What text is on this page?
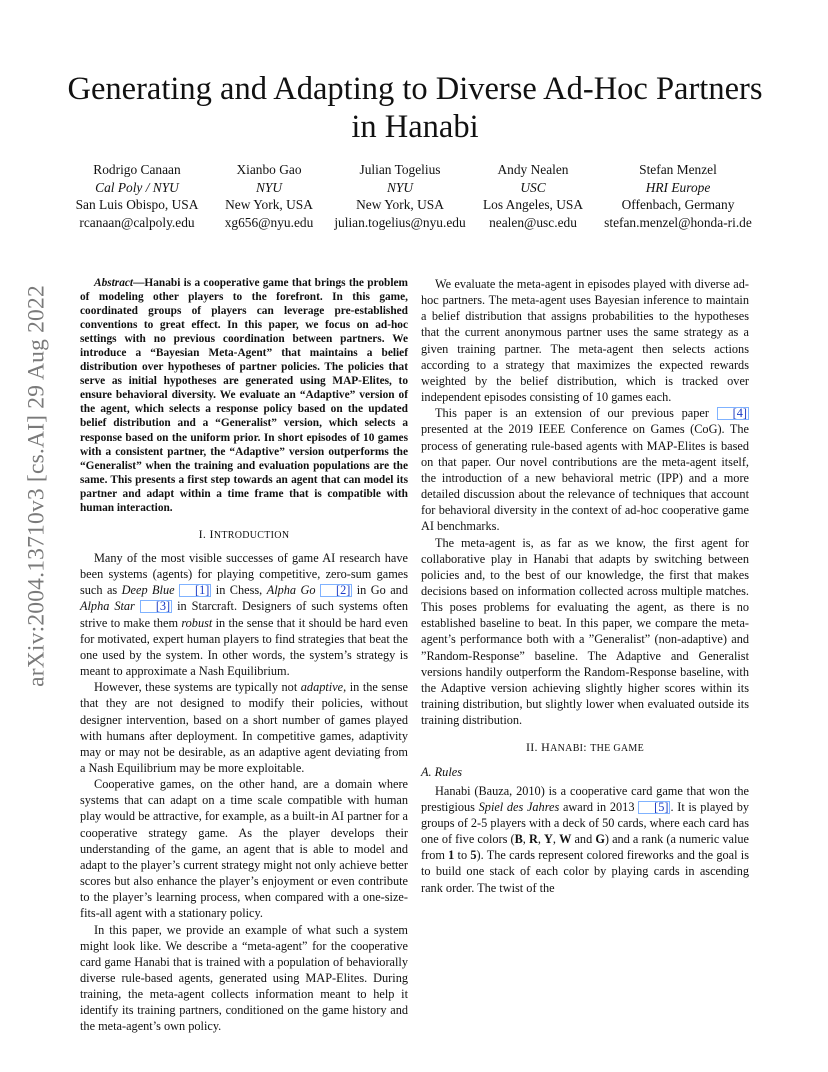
arXiv:2004.13710v3 [cs.AI] 29 Aug 2022
Generating and Adapting to Diverse Ad-Hoc Partners in Hanabi
Rodrigo Canaan
Cal Poly / NYU
San Luis Obispo, USA
rcanaan@calpoly.edu
Xianbo Gao
NYU
New York, USA
xg656@nyu.edu
Julian Togelius
NYU
New York, USA
julian.togelius@nyu.edu
Andy Nealen
USC
Los Angeles, USA
nealen@usc.edu
Stefan Menzel
HRI Europe
Offenbach, Germany
stefan.menzel@honda-ri.de

Abstract—Hanabi is a cooperative game that brings the problem of modeling other players to the forefront. In this game, coordinated groups of players can leverage pre-established conventions to great effect. In this paper, we focus on ad-hoc settings with no previous coordination between partners. We introduce a “Bayesian Meta-Agent” that maintains a belief distribution over hypotheses of partner policies. The policies that serve as initial hypotheses are generated using MAP-Elites, to ensure behavioral diversity. We evaluate an “Adaptive” version of the agent, which selects a response policy based on the updated belief distribution and a “Generalist” version, which selects a response based on the uniform prior. In short episodes of 10 games with a consistent partner, the “Adaptive” version outperforms the “Generalist” when the training and evaluation populations are the same. This presents a first step towards an agent that can model its partner and adapt within a time frame that is compatible with human interaction.

I. INTRODUCTION

Many of the most visible successes of game AI research have been systems (agents) for playing competitive, zero-sum games such as Deep Blue [1] in Chess, Alpha Go [2] in Go and Alpha Star [3] in Starcraft. Designers of such systems often strive to make them robust in the sense that it should be hard even for motivated, expert human players to find strategies that beat the one used by the system. In other words, the system’s strategy is meant to approximate a Nash Equilibrium.

However, these systems are typically not adaptive, in the sense that they are not designed to modify their policies, without designer intervention, based on a short number of games played with humans after deployment. In competitive games, adaptivity may or may not be desirable, as an adaptive agent deviating from a Nash Equilibrium may be more exploitable.

Cooperative games, on the other hand, are a domain where systems that can adapt on a time scale compatible with human play would be attractive, for example, as a built-in AI partner for a cooperative strategy game. As the player develops their understanding of the game, an agent that is able to model and adapt to the player’s current strategy might not only achieve better scores but also enhance the player’s enjoyment or even contribute to the player’s learning process, when compared with a one-size-fits-all agent with a stationary policy.

In this paper, we provide an example of what such a system might look like. We describe a “meta-agent” for the cooperative card game Hanabi that is trained with a population of behaviorally diverse rule-based agents, generated using MAP-Elites. During training, the meta-agent collects information meant to help it identify its training partners, conditioned on the game history and the meta-agent’s own policy.

We evaluate the meta-agent in episodes played with diverse ad-hoc partners. The meta-agent uses Bayesian inference to maintain a belief distribution that assigns probabilities to the hypotheses that the current anonymous partner uses the same strategy as a given training partner. The meta-agent then selects actions according to a strategy that maximizes the expected rewards weighted by the belief distribution, which is tracked over independent episodes consisting of 10 games each.

This paper is an extension of our previous paper [4] presented at the 2019 IEEE Conference on Games (CoG). The process of generating rule-based agents with MAP-Elites is based on that paper. Our novel contributions are the meta-agent itself, the introduction of a new behavioral metric (IPP) and a more detailed discussion about the relevance of techniques that account for behavioral diversity in the context of ad-hoc cooperative game AI benchmarks.

The meta-agent is, as far as we know, the first agent for collaborative play in Hanabi that adapts by switching between policies and, to the best of our knowledge, the first that makes decisions based on information collected across multiple matches. This poses problems for evaluating the agent, as there is no established baseline to beat. In this paper, we compare the meta-agent’s performance both with a ”Generalist” (non-adaptive) and ”Random-Response” baseline. The Adaptive and Generalist versions handily outperform the Random-Response baseline, with the Adaptive version achieving slightly higher scores within its training distribution, but slightly lower when evaluated outside its training distribution.

II. HANABI: THE GAME
A. Rules

Hanabi (Bauza, 2010) is a cooperative card game that won the prestigious Spiel des Jahres award in 2013 [5] . It is played by groups of 2-5 players with a deck of 50 cards, where each card has one of five colors (B, R, Y, W and G) and a rank (a numeric value from 1 to 5). The cards represent colored fireworks and the goal is to build one stack of each color by playing cards in ascending rank order. The twist of the
